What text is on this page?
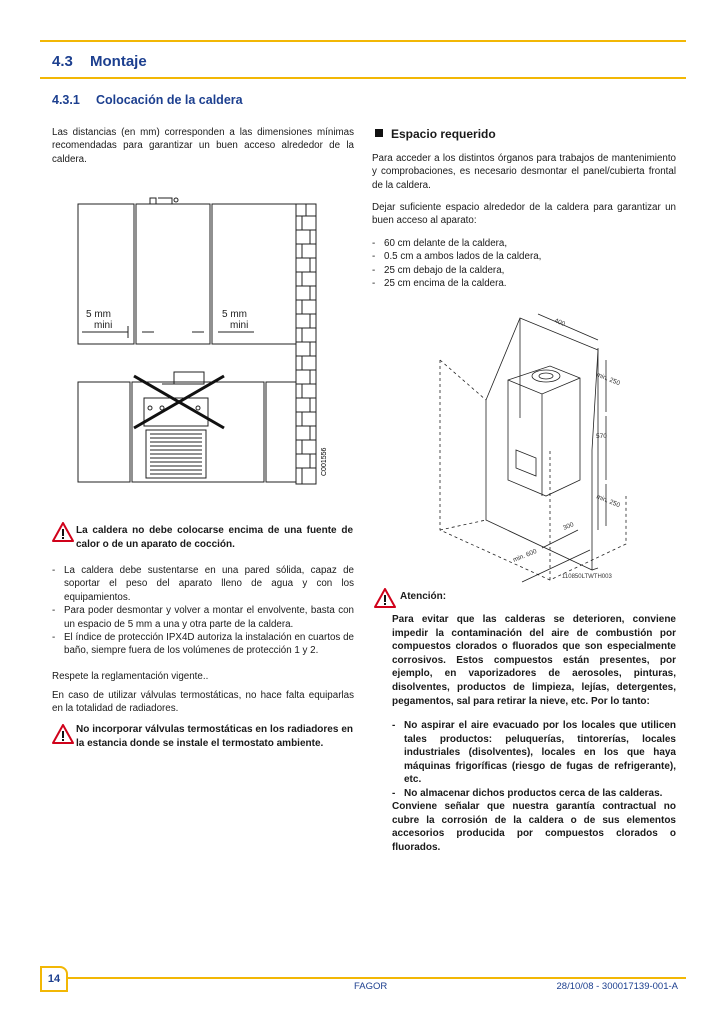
4.3 Montaje
4.3.1 Colocación de la caldera
Las distancias (en mm) corresponden a las dimensiones mínimas recomendadas para garantizar un buen acceso alrededor de la caldera.
5 mm
mini
5 mm
mini
C001556
La caldera no debe colocarse encima de una fuente de calor o de un aparato de cocción.
- La caldera debe sustentarse en una pared sólida, capaz de soportar el peso del aparato lleno de agua y con los equipamientos.
- Para poder desmontar y volver a montar el envolvente, basta con un espacio de 5 mm a una y otra parte de la caldera.
- El índice de protección IPX4D autoriza la instalación en cuartos de baño, siempre fuera de los volúmenes de protección 1 y 2.
Respete la reglamentación vigente..
En caso de utilizar válvulas termostáticas, no hace falta equiparlas en la totalidad de radiadores.
No incorporar válvulas termostáticas en los radiadores en la estancia donde se instale el termostato ambiente.
Espacio requerido
Para acceder a los distintos órganos para trabajos de mantenimiento y comprobaciones, es necesario desmontar el panel/cubierta frontal de la caldera.
Dejar suficiente espacio alrededor de la caldera para garantizar un buen acceso al aparato:
- 60 cm delante de la caldera,
- 0.5 cm a ambos lados de la caldera,
- 25 cm debajo de la caldera,
- 25 cm encima de la caldera.
400
min. 250
570
min. 250
300
min. 600
110850LTWTH003
Atención:
Para evitar que las calderas se deterioren, conviene impedir la contaminación del aire de combustión por compuestos clorados o fluorados que son especialmente corrosivos. Estos compuestos están presentes, por ejemplo, en vaporizadores de aerosoles, pinturas, disolventes, productos de limpieza, lejías, detergentes, pegamentos, sal para retirar la nieve, etc. Por lo tanto:
- No aspirar el aire evacuado por los locales que utilicen tales productos: peluquerías, tintorerías, locales industriales (disolventes), locales en los que haya máquinas frigoríficas (riesgo de fugas de refrigerante), etc.
- No almacenar dichos productos cerca de las calderas.
Conviene señalar que nuestra garantía contractual no cubre la corrosión de la caldera o de sus elementos accesorios producida por compuestos clorados o fluorados.
14
FAGOR	28/10/08 - 300017139-001-A
